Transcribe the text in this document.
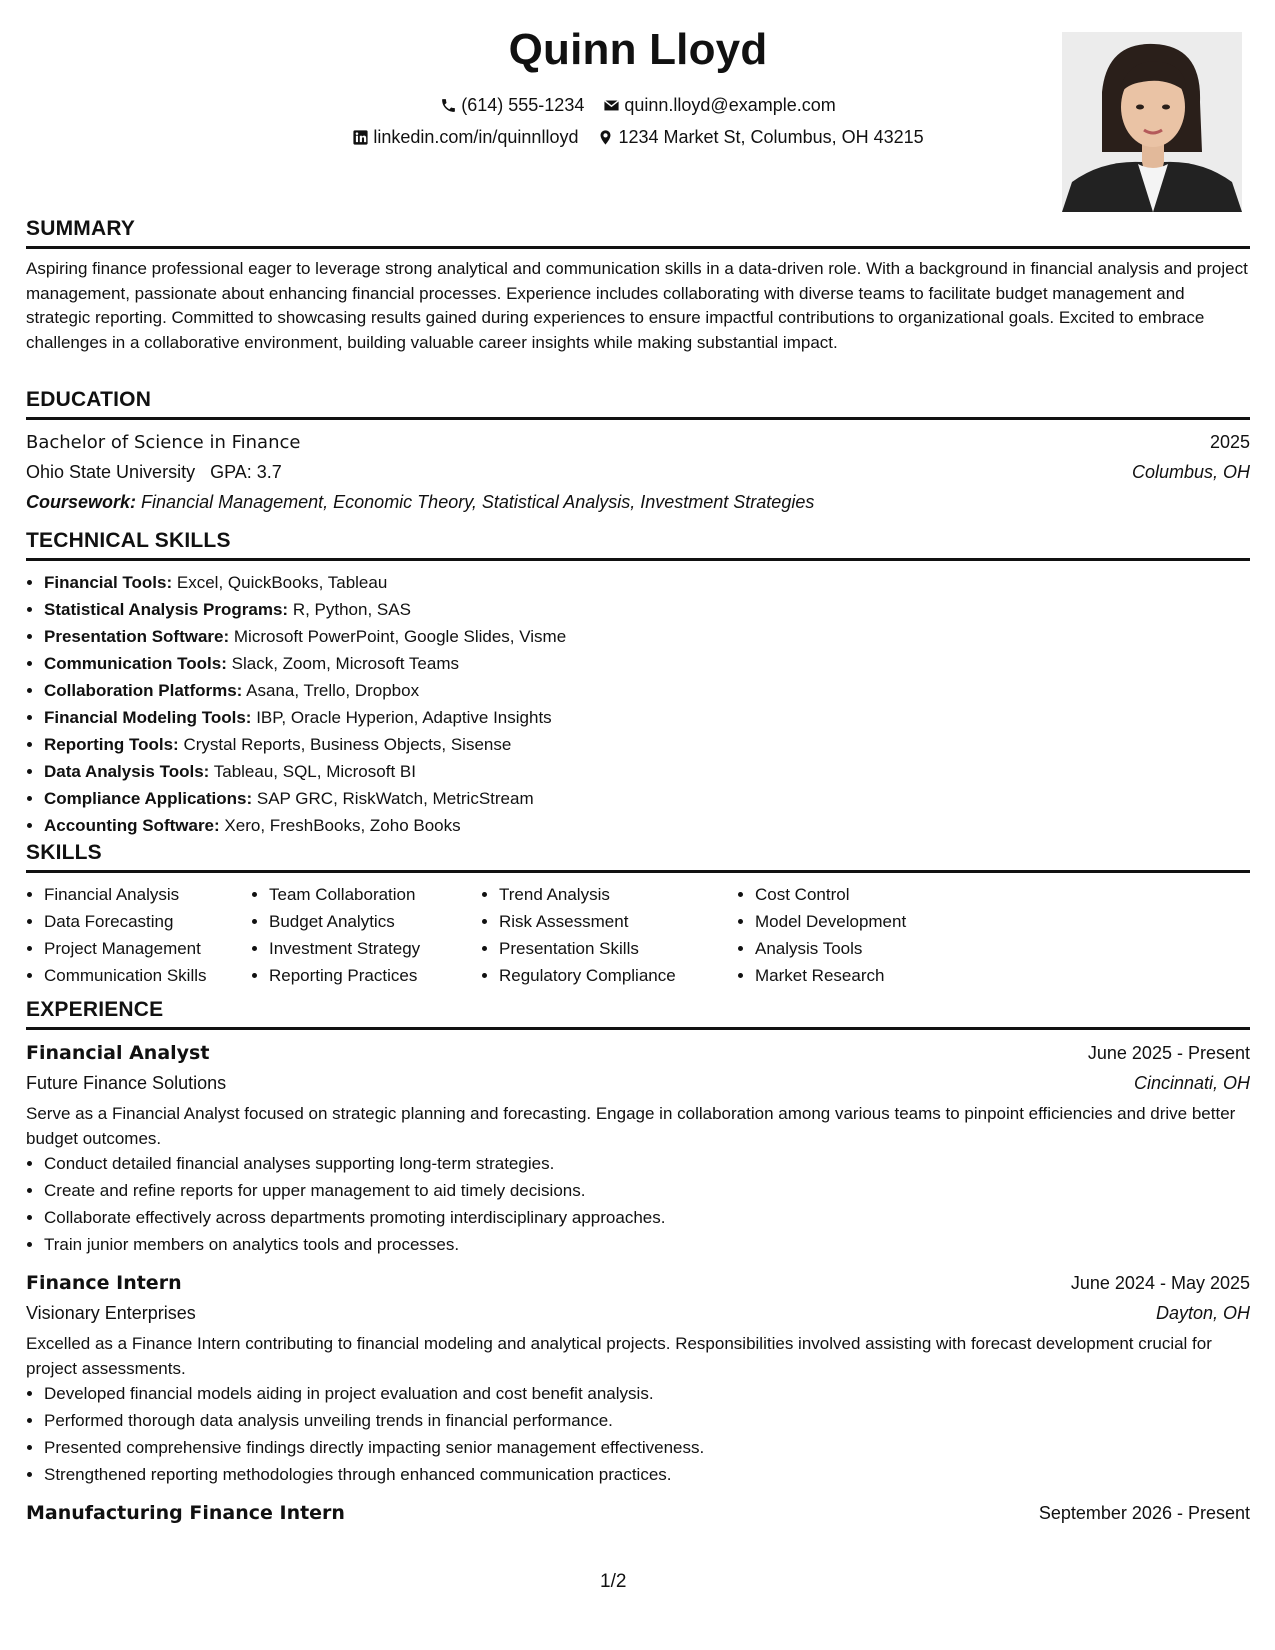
Quinn Lloyd
(614) 555-1234
quinn.lloyd@example.com
linkedin.com/in/quinnlloyd
1234 Market St, Columbus, OH 43215
SUMMARY

Aspiring finance professional eager to leverage strong analytical and communication skills in a data-driven role. With a background in financial analysis and project management, passionate about enhancing financial processes. Experience includes collaborating with diverse teams to facilitate budget management and strategic reporting. Committed to showcasing results gained during experiences to ensure impactful contributions to organizational goals. Excited to embrace challenges in a collaborative environment, building valuable career insights while making substantial impact.

EDUCATION
Bachelor of Science in Finance	2025
Ohio State University GPA: 3.7	Columbus, OH
Coursework: Financial Management, Economic Theory, Statistical Analysis, Investment Strategies
TECHNICAL SKILLS
• Financial Tools: Excel, QuickBooks, Tableau
• Statistical Analysis Programs: R, Python, SAS
• Presentation Software: Microsoft PowerPoint, Google Slides, Visme
• Communication Tools: Slack, Zoom, Microsoft Teams
• Collaboration Platforms: Asana, Trello, Dropbox
• Financial Modeling Tools: IBP, Oracle Hyperion, Adaptive Insights
• Reporting Tools: Crystal Reports, Business Objects, Sisense
• Data Analysis Tools: Tableau, SQL, Microsoft BI
• Compliance Applications: SAP GRC, RiskWatch, MetricStream
• Accounting Software: Xero, FreshBooks, Zoho Books
SKILLS
• Financial Analysis
• Data Forecasting
• Project Management
• Communication Skills
• Team Collaboration
• Budget Analytics
• Investment Strategy
• Reporting Practices
• Trend Analysis
• Risk Assessment
• Presentation Skills
• Regulatory Compliance
• Cost Control
• Model Development
• Analysis Tools
• Market Research
EXPERIENCE
Financial Analyst	June 2025 - Present
Future Finance Solutions	Cincinnati, OH

Serve as a Financial Analyst focused on strategic planning and forecasting. Engage in collaboration among various teams to pinpoint efficiencies and drive better budget outcomes.

• Conduct detailed financial analyses supporting long-term strategies.
• Create and refine reports for upper management to aid timely decisions.
• Collaborate effectively across departments promoting interdisciplinary approaches.
• Train junior members on analytics tools and processes.
Finance Intern	June 2024 - May 2025
Visionary Enterprises	Dayton, OH

Excelled as a Finance Intern contributing to financial modeling and analytical projects. Responsibilities involved assisting with forecast development crucial for project assessments.

• Developed financial models aiding in project evaluation and cost benefit analysis.
• Performed thorough data analysis unveiling trends in financial performance.
• Presented comprehensive findings directly impacting senior management effectiveness.
• Strengthened reporting methodologies through enhanced communication practices.
Manufacturing Finance Intern	September 2026 - Present
1/2
